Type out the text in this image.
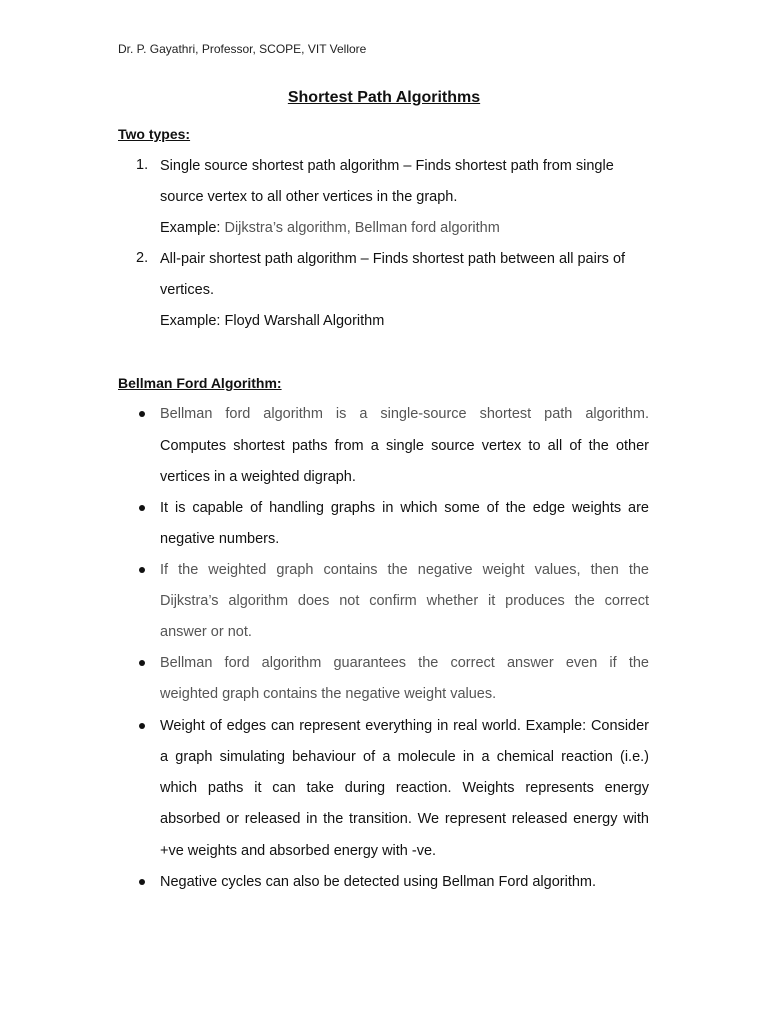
Dr. P. Gayathri, Professor, SCOPE, VIT Vellore
Shortest Path Algorithms
Two types:
1. Single source shortest path algorithm – Finds shortest path from single
source vertex to all other vertices in the graph.
Example: Dijkstra’s algorithm, Bellman ford algorithm
2. All-pair shortest path algorithm – Finds shortest path between all pairs of
vertices.
Example: Floyd Warshall Algorithm
Bellman Ford Algorithm:
Bellman ford algorithm is a single-source shortest path algorithm.
Computes shortest paths from a single source vertex to all of the other
vertices in a weighted digraph.
It is capable of handling graphs in which some of the edge weights are
negative numbers.
If the weighted graph contains the negative weight values, then the
Dijkstra’s algorithm does not confirm whether it produces the correct
answer or not.
Bellman ford algorithm guarantees the correct answer even if the
weighted graph contains the negative weight values.
Weight of edges can represent everything in real world. Example: Consider
a graph simulating behaviour of a molecule in a chemical reaction (i.e.)
which paths it can take during reaction. Weights represents energy
absorbed or released in the transition. We represent released energy with
+ve weights and absorbed energy with -ve.
Negative cycles can also be detected using Bellman Ford algorithm.
